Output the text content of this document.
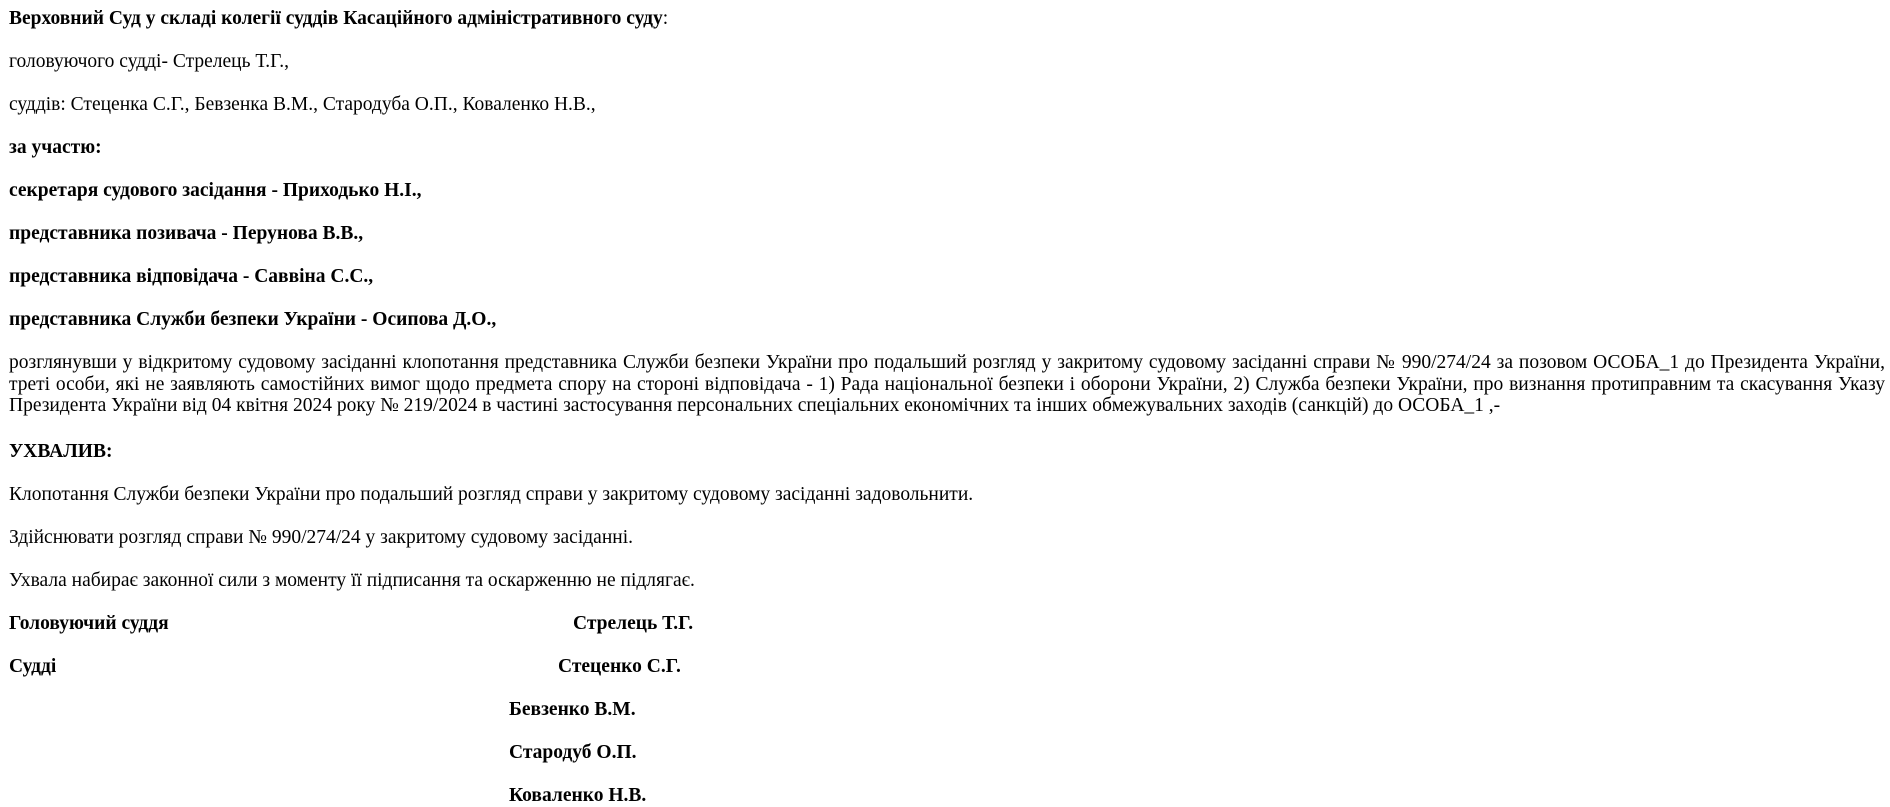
Верховний Суд у складі колегії суддів Касаційного адміністративного суду:
головуючого судді- Стрелець Т.Г.,
суддів: Стеценка С.Г., Бевзенка В.М., Стародуба О.П., Коваленко Н.В.,
за участю:
секретаря судового засідання - Приходько Н.І.,
представника позивача - Перунова В.В.,
представника відповідача - Саввіна С.С.,
представника Служби безпеки України - Осипова Д.О.,
розглянувши у відкритому судовому засіданні клопотання представника Служби безпеки України про подальший розгляд у закритому судовому засіданні справи № 990/274/24 за позовом ОСОБА_1 до Президента України, треті особи, які не заявляють самостійних вимог щодо предмета спору на стороні відповідача - 1) Рада національної безпеки і оборони України, 2) Служба безпеки України, про визнання протиправним та скасування Указу Президента України від 04 квітня 2024 року № 219/2024 в частині застосування персональних спеціальних економічних та інших обмежувальних заходів (санкцій) до ОСОБА_1 ,-
УХВАЛИВ:
Клопотання Служби безпеки України про подальший розгляд справи у закритому судовому засіданні задовольнити.
Здійснювати розгляд справи № 990/274/24 у закритому судовому засіданні.
Ухвала набирає законної сили з моменту її підписання та оскарженню не підлягає.
Головуючий суддя	Стрелець Т.Г.
Судді	Стеценко С.Г.
Бевзенко В.М.
Стародуб О.П.
Коваленко Н.В.
